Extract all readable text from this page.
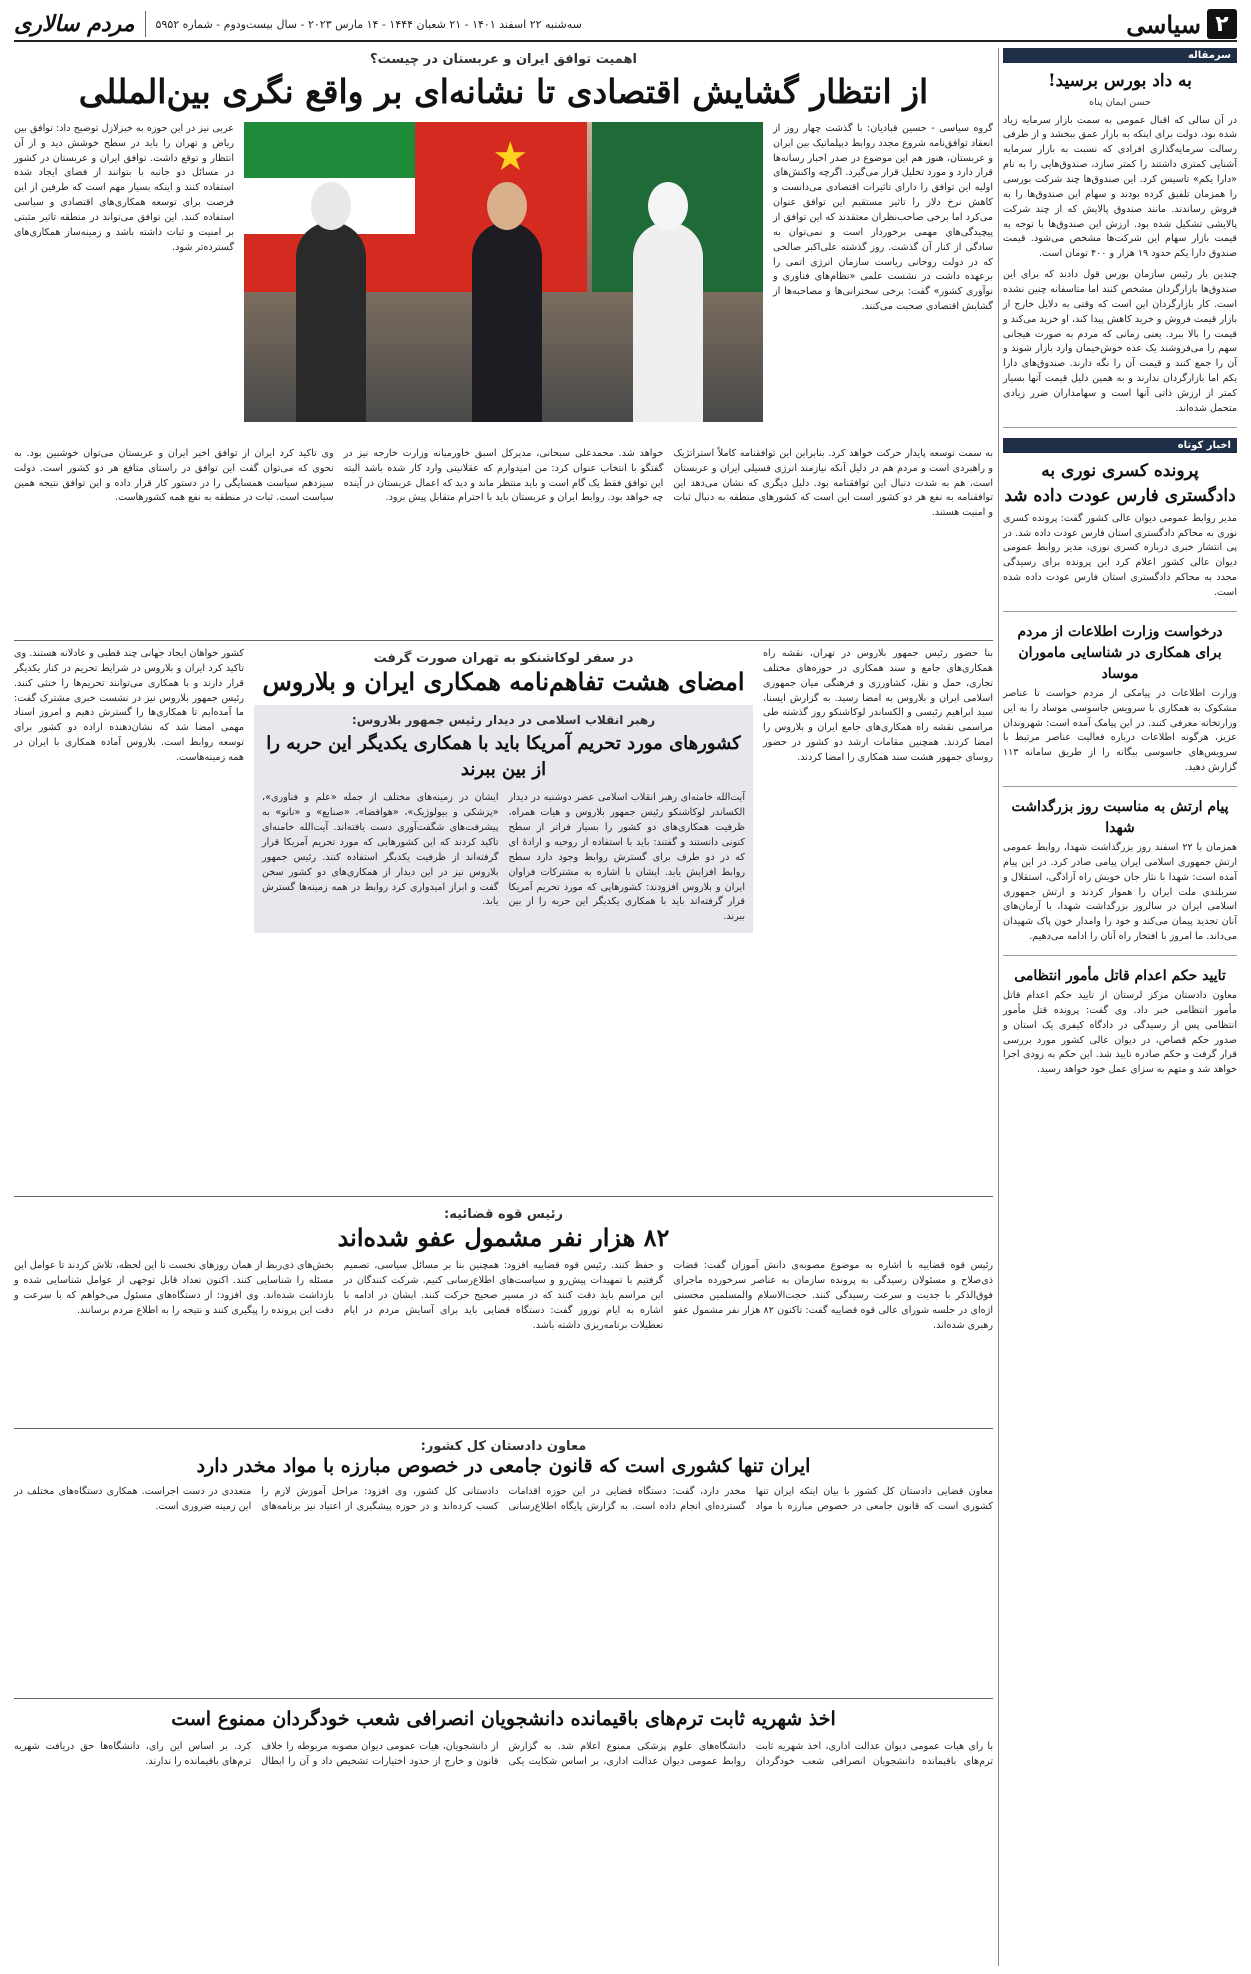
۲
سیاسی
سه‌شنبه ۲۲ اسفند ۱۴۰۱ - ۲۱ شعبان ۱۴۴۴ - ۱۴ مارس ۲۰۲۳ - سال بیست‌ودوم - شماره ۵۹۵۲
مردم سالاری
سرمقاله
به داد بورس برسید!
حسن ایمان پناه

در آن سالی که اقبال عمومی به سمت بازار سرمایه زیاد شده بود، دولت برای اینکه به بازار عمق ببخشد و از طرفی رسالت سرمایه‌گذاری افرادی که نسبت به بازار سرمایه آشنایی کمتری داشتند را کمتر سازد، صندوق‌هایی را به نام «دارا یکم» تاسیس کرد. این صندوق‌ها چند شرکت بورسی را همزمان تلفیق کرده بودند و سهام این صندوق‌ها را به فروش رساندند. مانند صندوق پالایش که از چند شرکت پالایشی تشکیل شده بود. ارزش این صندوق‌ها با توجه به قیمت بازار سهام این شرکت‌ها مشخص می‌شود. قیمت صندوق دارا یکم حدود ۱۹ هزار و ۴۰۰ تومان است.

چندین بار رئیس سازمان بورس قول دادند که برای این صندوق‌ها بازارگردان مشخص کنند اما متاسفانه چنین نشده است. کار بازارگردان این است که وقتی به دلایل خارج از بازار قیمت فروش و خرید کاهش پیدا کند، او خرید می‌کند و قیمت را بالا ببرد. یعنی زمانی که مردم به صورت هیجانی سهم را می‌فروشند یک عده خوش‌خیمان وارد بازار شوند و آن را جمع کنند و قیمت آن را نگه دارند. صندوق‌های دارا یکم اما بازارگردان ندارند و به همین دلیل قیمت آنها بسیار کمتر از ارزش ذاتی آنها است و سهامداران ضرر زیادی متحمل شده‌اند.

اخبار کوتاه
پرونده کسری نوری به دادگستری فارس عودت داده شد

مدیر روابط عمومی دیوان عالی کشور گفت: پرونده کسری نوری به محاکم دادگستری استان فارس عودت داده شد. در پی انتشار خبری درباره کسری نوری، مدیر روابط عمومی دیوان عالی کشور اعلام کرد این پرونده برای رسیدگی مجدد به محاکم دادگستری استان فارس عودت داده شده است.

درخواست وزارت اطلاعات از مردم برای همکاری در شناسایی ماموران موساد

وزارت اطلاعات در پیامکی از مردم خواست تا عناصر مشکوک به همکاری با سرویس جاسوسی موساد را به این وزارتخانه معرفی کنند. در این پیامک آمده است: شهروندان عزیز، هرگونه اطلاعات درباره فعالیت عناصر مرتبط با سرویس‌های جاسوسی بیگانه را از طریق سامانه ۱۱۳ گزارش دهید.

پیام ارتش به مناسبت روز بزرگداشت شهدا

همزمان با ۲۲ اسفند روز بزرگداشت شهدا، روابط عمومی ارتش جمهوری اسلامی ایران پیامی صادر کرد. در این پیام آمده است: شهدا با نثار جان خویش راه آزادگی، استقلال و سربلندی ملت ایران را هموار کردند و ارتش جمهوری اسلامی ایران در سالروز بزرگداشت شهدا، با آرمان‌های آنان تجدید پیمان می‌کند و خود را وامدار خون پاک شهیدان می‌داند. ما امروز با افتخار راه آنان را ادامه می‌دهیم.

تایید حکم اعدام قاتل مأمور انتظامی

معاون دادستان مرکز لرستان از تایید حکم اعدام قاتل مأمور انتظامی خبر داد. وی گفت: پرونده قتل مأمور انتظامی پس از رسیدگی در دادگاه کیفری یک استان و صدور حکم قصاص، در دیوان عالی کشور مورد بررسی قرار گرفت و حکم صادره تایید شد. این حکم به زودی اجرا خواهد شد و متهم به سزای عمل خود خواهد رسید.

اهمیت توافق ایران و عربستان در چیست؟
از انتظار گشایش اقتصادی تا نشانه‌ای بر واقع نگری بین‌المللی

گروه سیاسی - حسین قبادیان: با گذشت چهار روز از انعقاد توافق‌نامه شروع مجدد روابط دیپلماتیک بین ایران و عربستان، هنوز هم این موضوع در صدر اخبار رسانه‌ها قرار دارد و مورد تحلیل قرار می‌گیرد. اگرچه واکنش‌های اولیه این توافق را دارای تاثیرات اقتصادی می‌دانست و کاهش نرخ دلار را تاثیر مستقیم این توافق عنوان می‌کرد اما برخی صاحب‌نظران معتقدند که این توافق از پیچیدگی‌های مهمی برخوردار است و نمی‌توان به سادگی از کنار آن گذشت. روز گذشته علی‌اکبر صالحی که در دولت روحانی ریاست سازمان انرژی اتمی را برعهده داشت در نشست علمی «نظام‌های فناوری و نوآوری کشور» گفت: برخی سخنرانی‌ها و مصاحبه‌ها از گشایش اقتصادی صحبت می‌کنند.

★

عربی نیز در این حوزه به خیزلازل توضیح داد: توافق بین ریاض و تهران را باید در سطح خوشش دید و از آن انتظار و توقع داشت. توافق ایران و عربستان در کشور در مسائل دو جانبه با بتوانند از فضای ایجاد شده استفاده کنند و اینکه بسیار مهم است که طرفین از این فرصت برای توسعه همکاری‌های اقتصادی و سیاسی استفاده کنند. این توافق می‌تواند در منطقه تاثیر مثبتی بر امنیت و ثبات داشته باشد و زمینه‌ساز همکاری‌های گسترده‌تر شود.

به سمت توسعه پایدار حرکت خواهد کرد. بنابراین این توافقنامه کاملاً استراتژیک و راهبردی است و مردم هم در دلیل آنکه نیازمند انرژی فسیلی ایران و عربستان است، هم به شدت دنبال این توافقنامه بود. دلیل دیگری که نشان می‌دهد این توافقنامه به نفع هر دو کشور است این است که کشورهای منطقه به دنبال ثبات و امنیت هستند.

خواهد شد. محمدعلی سبحانی، مدیرکل اسبق خاورمیانه وزارت خارجه نیز در گفتگو با انتخاب عنوان کرد: من امیدوارم که عقلانیتی وارد کار شده باشد البته این توافق فقط یک گام است و باید منتظر ماند و دید که اعمال عربستان در آینده چه خواهد بود. روابط ایران و عربستان باید با احترام متقابل پیش برود.

وی تاکید کرد ایران از توافق اخیر ایران و عربستان می‌توان خوشبین بود. به نحوی که می‌توان گفت این توافق در راستای منافع هر دو کشور است. دولت سیزدهم سیاست همسایگی را در دستور کار قرار داده و این توافق نتیجه همین سیاست است. ثبات در منطقه به نفع همه کشورهاست.

بنا حضور رئیس جمهور بلاروس در تهران، نقشه راه همکاری‌های جامع و سند همکاری در حوزه‌های مختلف تجاری، حمل و نقل، کشاورزی و فرهنگی میان جمهوری اسلامی ایران و بلاروس به امضا رسید. به گزارش ایسنا، سید ابراهیم رئیسی و الکساندر لوکاشنکو روز گذشته طی مراسمی نقشه راه همکاری‌های جامع ایران و بلاروس را امضا کردند. همچنین مقامات ارشد دو کشور در حضور روسای جمهور هشت سند همکاری را امضا کردند.

در سفر لوکاشنکو به تهران صورت گرفت
امضای هشت تفاهم‌نامه همکاری ایران و بلاروس
رهبر انقلاب اسلامی در دیدار رئیس جمهور بلاروس:
کشورهای مورد تحریم آمریکا باید با همکاری یکدیگر این حربه را از بین ببرند

آیت‌الله خامنه‌ای رهبر انقلاب اسلامی عصر دوشنبه در دیدار الکساندر لوکاشنکو رئیس جمهور بلاروس و هیات همراه، ظرفیت همکاری‌های دو کشور را بسیار فراتر از سطح کنونی دانستند و گفتند: باید با استفاده از روحیه و ارادهٔ ای که در دو طرف برای گسترش روابط وجود دارد سطح روابط افزایش یابد. ایشان با اشاره به مشترکات فراوان ایران و بلاروس افزودند: کشورهایی که مورد تحریم آمریکا قرار گرفته‌اند باید با همکاری یکدیگر این حربه را از بین ببرند.

ایشان در زمینه‌های مختلف از جمله «علم و فناوری»، «پزشکی و بیولوژیک»، «هوافضا»، «صنایع» و «نانو» به پیشرفت‌های شگفت‌آوری دست یافته‌اند. آیت‌الله خامنه‌ای تاکید کردند که این کشورهایی که مورد تحریم آمریکا قرار گرفته‌اند از ظرفیت یکدیگر استفاده کنند. رئیس جمهور بلاروس نیز در این دیدار از همکاری‌های دو کشور سخن گفت و ابراز امیدواری کرد روابط در همه زمینه‌ها گسترش یابد.

کشور خواهان ایجاد جهانی چند قطبی و عادلانه هستند. وی تاکید کرد ایران و بلاروس در شرایط تحریم در کنار یکدیگر قرار دارند و با همکاری می‌توانند تحریم‌ها را خنثی کنند. رئیس جمهور بلاروس نیز در نشست خبری مشترک گفت: ما آمده‌ایم تا همکاری‌ها را گسترش دهیم و امروز اسناد مهمی امضا شد که نشان‌دهنده اراده دو کشور برای توسعه روابط است. بلاروس آماده همکاری با ایران در همه زمینه‌هاست.

رئیس قوه قضائیه:
۸۲ هزار نفر مشمول عفو شده‌اند

رئیس قوه قضاییه با اشاره به موضوع مصوبه‌ی دانش آموزان گفت: قضات ذی‌صلاح و مسئولان رسیدگی به پرونده سازمان به عناصر سرخورده ماجرای فوق‌الذکر با جدیت و سرعت رسیدگی کنند. حجت‌الاسلام والمسلمین محسنی اژه‌ای در جلسه شورای عالی قوه قضاییه گفت: تاکنون ۸۲ هزار نفر مشمول عفو رهبری شده‌اند.

و حفظ کنند. رئیس قوه قضاییه افزود: همچنین بنا بر مسائل سیاسی، تصمیم گرفتیم با تمهیدات پیش‌رو و سیاست‌های اطلاع‌رسانی کنیم. شرکت کنندگان در این مراسم باید دقت کنند که در مسیر صحیح حرکت کنند. ایشان در ادامه با اشاره به ایام نوروز گفت: دستگاه قضایی باید برای آسایش مردم در ایام تعطیلات برنامه‌ریزی داشته باشد.

بخش‌های ذی‌ربط از همان روزهای نخست تا این لحظه، تلاش کردند تا عوامل این مسئله را شناسایی کنند. اکنون تعداد قابل توجهی از عوامل شناسایی شده و بازداشت شده‌اند. وی افزود: از دستگاه‌های مسئول می‌خواهم که با سرعت و دقت این پرونده را پیگیری کنند و نتیجه را به اطلاع مردم برسانند.

معاون دادستان کل کشور:
ایران تنها کشوری است که قانون جامعی در خصوص مبارزه با مواد مخدر دارد

معاون قضایی دادستان کل کشور با بیان اینکه ایران تنها کشوری است که قانون جامعی در خصوص مبارزه با مواد مخدر دارد، گفت: دستگاه قضایی در این حوزه اقدامات گسترده‌ای انجام داده است. به گزارش پایگاه اطلاع‌رسانی دادستانی کل کشور، وی افزود: مراحل آموزش لازم را کسب کرده‌اند و در حوزه پیشگیری از اعتیاد نیز برنامه‌های متعددی در دست اجراست. همکاری دستگاه‌های مختلف در این زمینه ضروری است.

اخذ شهریه ثابت ترم‌های باقیمانده دانشجویان انصرافی شعب خودگردان ممنوع است

با رای هیات عمومی دیوان عدالت اداری، اخذ شهریه ثابت ترم‌های باقیمانده دانشجویان انصرافی شعب خودگردان دانشگاه‌های علوم پزشکی ممنوع اعلام شد. به گزارش روابط عمومی دیوان عدالت اداری، بر اساس شکایت یکی از دانشجویان، هیات عمومی دیوان مصوبه مربوطه را خلاف قانون و خارج از حدود اختیارات تشخیص داد و آن را ابطال کرد. بر اساس این رای، دانشگاه‌ها حق دریافت شهریه ترم‌های باقیمانده را ندارند.
